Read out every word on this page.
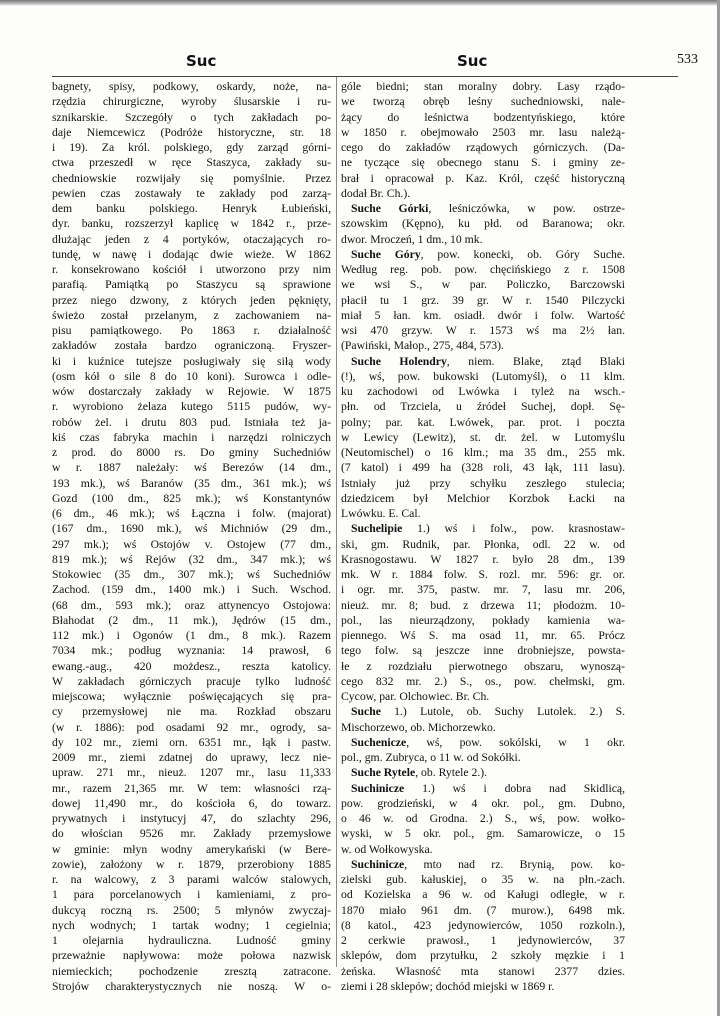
Suc	Suc	533
bagnety, spisy, podkowy, oskardy, noże, na-
rzędzia chirurgiczne, wyroby ślusarskie i ru-
sznikarskie. Szczegóły o tych zakładach po-
daje Niemcewicz (Podróże historyczne, str. 18
i 19). Za król. polskiego, gdy zarząd górni-
ctwa przeszedł w ręce Staszyca, zakłady su-
chedniowskie rozwijały się pomyślnie. Przez
pewien czas zostawały te zakłady pod zarzą-
dem banku polskiego. Henryk Łubieński,
dyr. banku, rozszerzył kaplicę w 1842 r., prze-
dłużając jeden z 4 portyków, otaczających ro-
tundę, w nawę i dodając dwie wieże. W 1862
r. konsekrowano kościół i utworzono przy nim
parafią. Pamiątką po Staszycu są sprawione
przez niego dzwony, z których jeden pęknięty,
świeżo został przelanym, z zachowaniem na-
pisu pamiątkowego. Po 1863 r. działalność
zakładów została bardzo ograniczoną. Fryszer-
ki i kuźnice tutejsze posługiwały się siłą wody
(osm kół o sile 8 do 10 koni). Surowca i odle-
wów dostarczały zakłady w Rejowie. W 1875
r. wyrobiono żelaza kutego 5115 pudów, wy-
robów żel. i drutu 803 pud. Istniała też ja-
kiś czas fabryka machin i narzędzi rolniczych
z prod. do 8000 rs. Do gminy Suchedniów
w r. 1887 należały: wś Berezów (14 dm.,
193 mk.), wś Baranów (35 dm., 361 mk.); wś
Gozd (100 dm., 825 mk.); wś Konstantynów
(6 dm., 46 mk.); wś Łączna i folw. (majorat)
(167 dm., 1690 mk.), wś Michniów (29 dm.,
297 mk.); wś Ostojów v. Ostojew (77 dm.,
819 mk.); wś Rejów (32 dm., 347 mk.); wś
Stokowiec (35 dm., 307 mk.); wś Suchedniów
Zachod. (159 dm., 1400 mk.) i Such. Wschod.
(68 dm., 593 mk.); oraz attynencyo Ostojowa:
Błahodat (2 dm., 11 mk.), Jędrów (15 dm.,
112 mk.) i Ogonów (1 dm., 8 mk.). Razem
7034 mk.; podług wyznania: 14 prawosł, 6
ewang.-aug., 420 możdesz., reszta katolicy.
W zakładach górniczych pracuje tylko ludność
miejscowa; wyłącznie poświęcających się pra-
cy przemysłowej nie ma. Rozkład obszaru
(w r. 1886): pod osadami 92 mr., ogrody, sa-
dy 102 mr., ziemi orn. 6351 mr., łąk i pastw.
2009 mr., ziemi zdatnej do uprawy, lecz nie-
upraw. 271 mr., nieuż. 1207 mr., lasu 11,333
mr., razem 21,365 mr. W tem: własności rzą-
dowej 11,490 mr., do kościoła 6, do towarz.
prywatnych i instytucyj 47, do szlachty 296,
do włościan 9526 mr. Zakłady przemysłowe
w gminie: młyn wodny amerykański (w Bere-
zowie), założony w r. 1879, przerobiony 1885
r. na walcowy, z 3 parami walców stalowych,
1 para porcelanowych i kamieniami, z pro-
dukcyą roczną rs. 2500; 5 młynów zwyczaj-
nych wodnych; 1 tartak wodny; 1 cegielnia;
1 olejarnia hydrauliczna. Ludność gminy
przeważnie napływowa: może połowa nazwisk
niemieckich; pochodzenie zresztą zatracone.
Strojów charakterystycznych nie noszą. W o-
góle biedni; stan moralny dobry. Lasy rządo-
we tworzą obręb leśny suchedniowski, nale-
żący do leśnictwa bodzentyńskiego, które
w 1850 r. obejmowało 2503 mr. lasu należą-
cego do zakładów rządowych górniczych. (Da-
ne tyczące się obecnego stanu S. i gminy ze-
brał i opracował p. Kaz. Król, część historyczną
dodał Br. Ch.).
Suche Górki, leśniczówka, w pow. ostrze-
szowskim (Kępno), ku płd. od Baranowa; okr.
dwor. Mroczeń, 1 dm., 10 mk.
Suche Góry, pow. konecki, ob. Góry Suche.
Według reg. pob. pow. chęcińskiego z r. 1508
we wsi S., w par. Policzko, Barczowski
płacił tu 1 grz. 39 gr. W r. 1540 Pilczycki
miał 5 łan. km. osiadł. dwór i folw. Wartość
wsi 470 grzyw. W r. 1573 wś ma 2½ łan.
(Pawiński, Małop., 275, 484, 573).
Suche Holendry, niem. Blake, ztąd Blaki
(!), wś, pow. bukowski (Lutomyśl), o 11 klm.
ku zachodowi od Lwówka i tyleż na wsch.-
płn. od Trzciela, u źródeł Suchej, dopł. Sę-
polny; par. kat. Lwówek, par. prot. i poczta
w Lewicy (Lewitz), st. dr. żel. w Lutomyślu
(Neutomischel) o 16 klm.; ma 35 dm., 255 mk.
(7 katol) i 499 ha (328 roli, 43 łąk, 111 lasu).
Istniały już przy schyłku zeszłego stulecia;
dziedzicem był Melchior Korzbok Łacki na
Lwówku. E. Cal.
Suchelipie 1.) wś i folw., pow. krasnostaw-
ski, gm. Rudnik, par. Płonka, odl. 22 w. od
Krasnogostawu. W 1827 r. było 28 dm., 139
mk. W r. 1884 folw. S. rozl. mr. 596: gr. or.
i ogr. mr. 375, pastw. mr. 7, lasu mr. 206,
nieuż. mr. 8; bud. z drzewa 11; płodozm. 10-
pol., las nieurządzony, pokłady kamienia wa-
piennego. Wś S. ma osad 11, mr. 65. Prócz
tego folw. są jeszcze inne drobniejsze, powsta-
łe z rozdziału pierwotnego obszaru, wynoszą-
cego 832 mr. 2.) S., os., pow. chełmski, gm.
Cycow, par. Olchowiec. Br. Ch.
Suche 1.) Lutole, ob. Suchy Lutolek. 2.) S.
Mischorzewo, ob. Michorzewko.
Suchenicze, wś, pow. sokólski, w 1 okr.
pol., gm. Zubryca, o 11 w. od Sokółki.
Suche Rytele, ob. Rytele 2.).
Suchinicze 1.) wś i dobra nad Skidlicą,
pow. grodzieński, w 4 okr. pol., gm. Dubno,
o 46 w. od Grodna. 2.) S., wś, pow. wołko-
wyski, w 5 okr. pol., gm. Samarowicze, o 15
w. od Wołkowyska.
Suchinicze, mto nad rz. Brynią, pow. ko-
zielski gub. kałuskiej, o 35 w. na płn.-zach.
od Kozielska a 96 w. od Kaługi odległe, w r.
1870 miało 961 dm. (7 murow.), 6498 mk.
(8 katol., 423 jedynowierców, 1050 rozkoln.),
2 cerkwie prawosł., 1 jedynowierców, 37
sklepów, dom przytułku, 2 szkoły męzkie i 1
żeńska. Własność mta stanowi 2377 dzies.
ziemi i 28 sklepów; dochód miejski w 1869 r.
